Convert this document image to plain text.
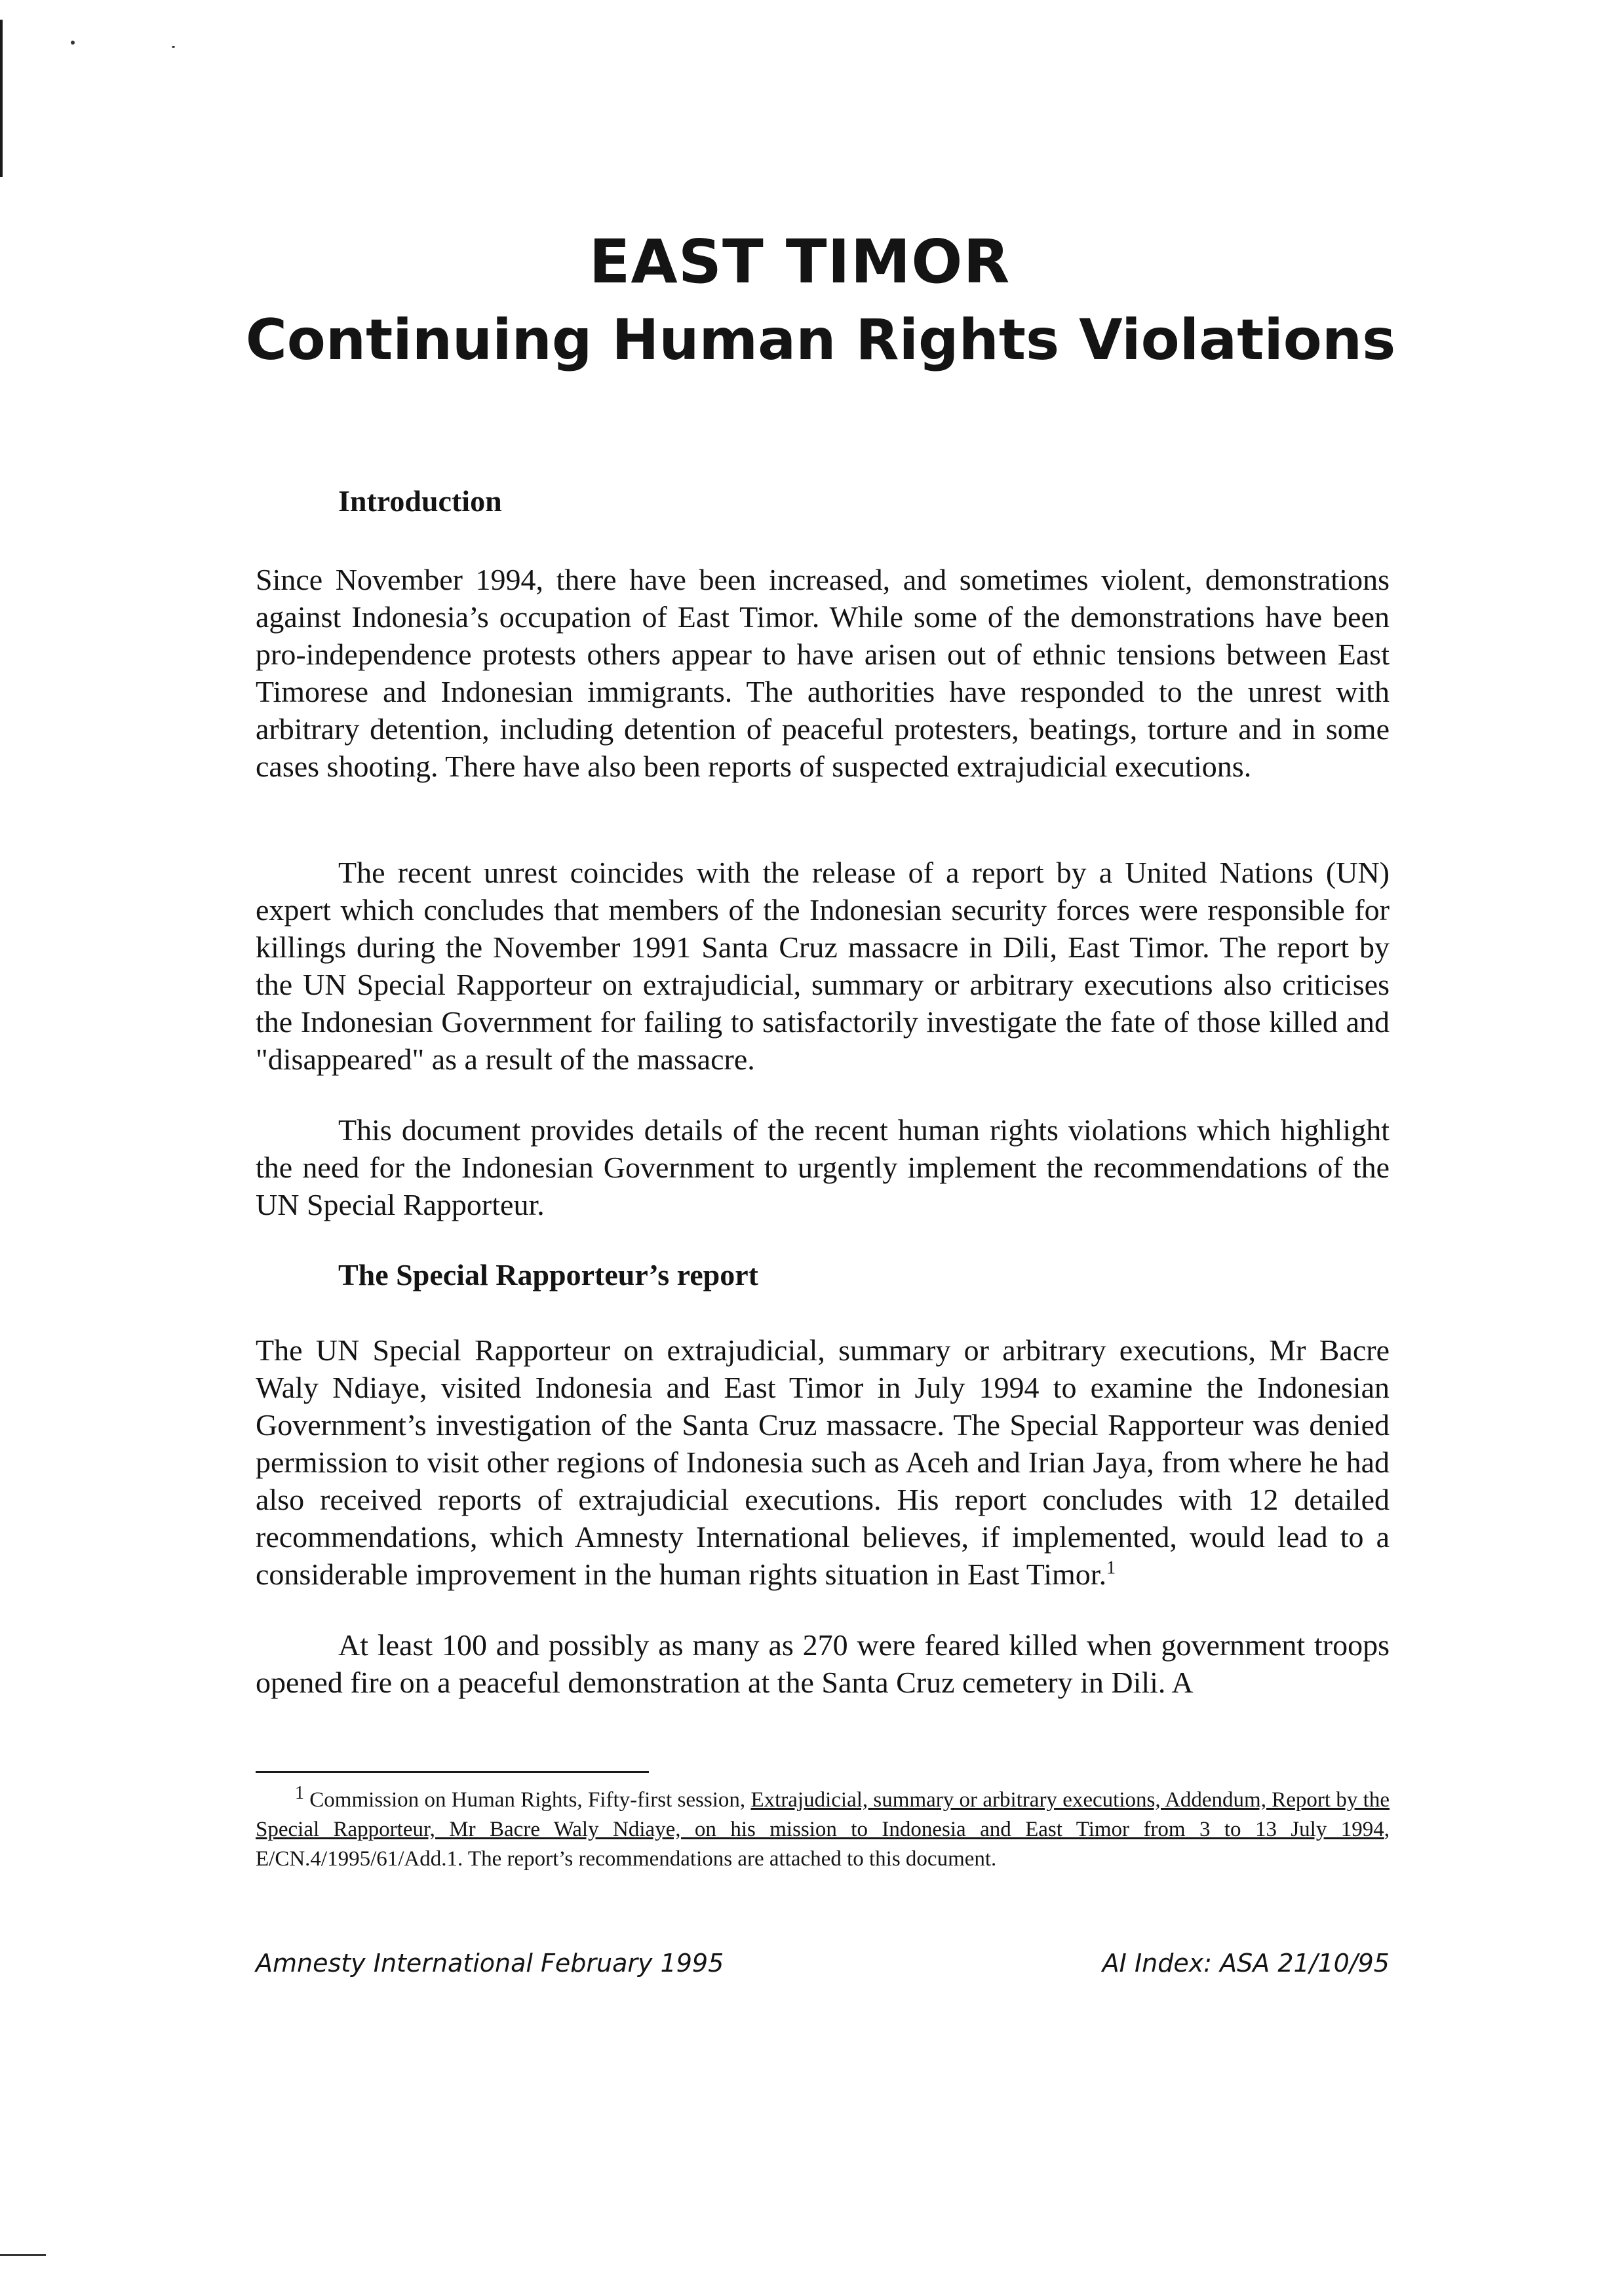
EAST TIMOR
Continuing Human Rights Violations
Introduction

Since November 1994, there have been increased, and sometimes violent, demonstrations against Indonesia’s occupation of East Timor. While some of the demonstrations have been pro-independence protests others appear to have arisen out of ethnic tensions between East Timorese and Indonesian immigrants. The authorities have responded to the unrest with arbitrary detention, including detention of peaceful protesters, beatings, torture and in some cases shooting. There have also been reports of suspected extrajudicial executions.

The recent unrest coincides with the release of a report by a United Nations (UN) expert which concludes that members of the Indonesian security forces were responsible for killings during the November 1991 Santa Cruz massacre in Dili, East Timor. The report by the UN Special Rapporteur on extrajudicial, summary or arbitrary executions also criticises the Indonesian Government for failing to satisfactorily investigate the fate of those killed and "disappeared" as a result of the massacre.

This document provides details of the recent human rights violations which highlight the need for the Indonesian Government to urgently implement the recommendations of the UN Special Rapporteur.

The Special Rapporteur’s report

The UN Special Rapporteur on extrajudicial, summary or arbitrary executions, Mr Bacre Waly Ndiaye, visited Indonesia and East Timor in July 1994 to examine the Indonesian Government’s investigation of the Santa Cruz massacre. The Special Rapporteur was denied permission to visit other regions of Indonesia such as Aceh and Irian Jaya, from where he had also received reports of extrajudicial executions. His report concludes with 12 detailed recommendations, which Amnesty International believes, if implemented, would lead to a considerable improvement in the human rights situation in East Timor.$^1$

At least 100 and possibly as many as 270 were feared killed when government troops opened fire on a peaceful demonstration at the Santa Cruz cemetery in Dili. A

$^1$ Commission on Human Rights, Fifty-first session, Extrajudicial, summary or arbitrary executions, Addendum, Report by the Special Rapporteur, Mr Bacre Waly Ndiaye, on his mission to Indonesia and East Timor from 3 to 13 July 1994, E/CN.4/1995/61/Add.1. The report’s recommendations are attached to this document.

Amnesty International February 1995	AI Index: ASA 21/10/95
